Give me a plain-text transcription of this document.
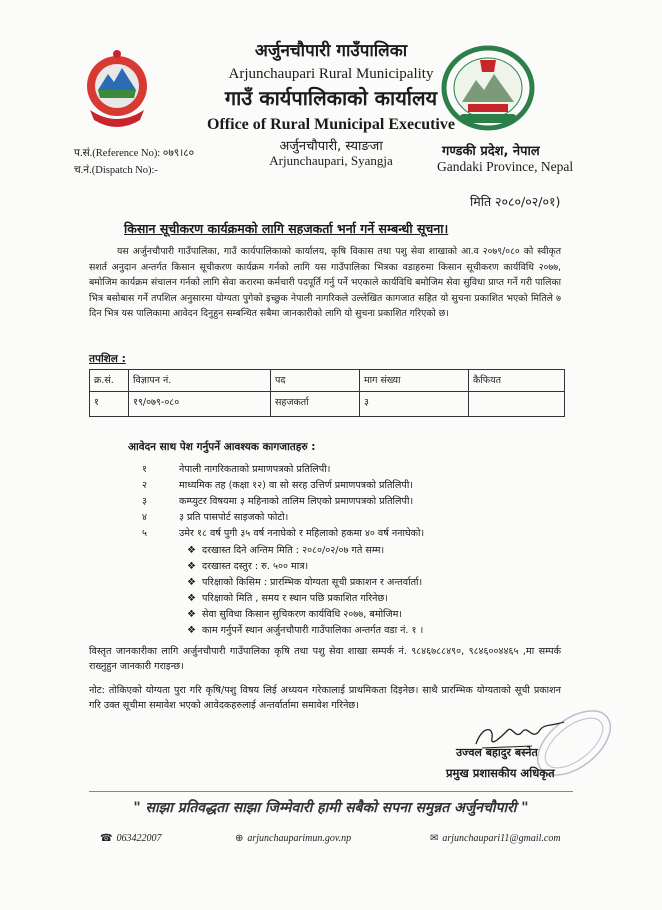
अर्जुनचौपारी गाउँपालिका
Arjunchaupari Rural Municipality
गाउँ कार्यपालिकाको कार्यालय
Office of Rural Municipal Executive
अर्जुनचौपारी, स्याङजा
Arjunchaupari, Syangja
प.सं.(Reference No): ०७९।८०
च.नं.(Dispatch No):-
गण्डकी प्रदेश, नेपाल
Gandaki Province, Nepal
मिति २०८०/०२/०१)
किसान सूचीकरण कार्यक्रमको लागि सहजकर्ता भर्ना गर्ने सम्बन्धी सूचना।
यस अर्जुनचौपारी गाउँपालिका, गाउँ कार्यपालिकाको कार्यालय, कृषि विकास तथा पशु सेवा शाखाको आ.व २०७९/०८० को स्वीकृत सशर्त अनुदान अन्तर्गत किसान सूचीकरण कार्यक्रम गर्नको लागि यस गाउँपालिका भित्रका वडाहरुमा किसान सूचीकरण कार्यविधि २०७७, बमोजिम कार्यक्रम संचालन गर्नको लागि सेवा करारमा कर्मचारी पदपूर्ति गर्नु पर्ने भएकाले कार्यविधि बमोजिम सेवा सुविधा प्राप्त गर्ने गरी पालिका भित्र बसोबास गर्ने तपशिल अनुसारमा योग्यता पुगेको इच्छुक नेपाली नागरिकले उल्लेखित कागजात सहित यो सुचना प्रकाशित भएको मितिले ७ दिन भित्र यस पालिकामा आवेदन दिनुहुन सम्बन्धित सबैमा जानकारीको लागि यो सुचना प्रकाशित गरिएको छ।
तपशिल :
क्र.सं.	विज्ञापन नं.	पद	माग संख्या	कैफियत
१	१९/०७९-०८०	सहजकर्ता	३	
आवेदन साथ पेश गर्नुपर्ने आवश्यक कागजातहरु :
१	नेपाली नागरिकताको प्रमाणपत्रको प्रतिलिपी।
२	माध्यमिक तह (कक्षा १२) वा सो सरह उत्तिर्ण प्रमाणपत्रको प्रतिलिपी।
३	कम्प्युटर विषयमा ३ महिनाको तालिम लिएको प्रमाणपत्रको प्रतिलिपी।
४	३ प्रति पासपोर्ट साइजको फोटो।
५	उमेर १८ वर्ष पुगी ३५ वर्ष ननाघेको र महिलाको हकमा ४० वर्ष ननाघेको।
❖ दरखास्त दिने अन्तिम मिति : २०८०/०२/०७ गते सम्म।
❖ दरखास्त दस्तुर : रु. ५०० मात्र।
❖ परिक्षाको किसिम : प्रारम्भिक योग्यता सूची प्रकाशन र अन्तर्वार्ता।
❖ परिक्षाको मिति , समय र स्थान पछि प्रकाशित गरिनेछ।
❖ सेवा सुविधा किसान सुचिकरण कार्यविधि २०७७, बमोजिम।
❖ काम गर्नुपर्ने स्थान अर्जुनचौपारी गाउँपालिका अन्तर्गत वडा नं. १ ।
विस्तृत जानकारीका लागि अर्जुनचौपारी गाउँपालिका कृषि तथा पशु सेवा शाखा सम्पर्क नं. ९८४६७८८४९०, ९८४६००४४६५ ,मा सम्पर्क राख्नुहुन जानकारी गराइन्छ।
नोट: तोकिएको योग्यता पुरा गरि कृषि/पशु विषय लिई अध्ययन गरेकालाई प्राथमिकता दिइनेछ। साथै प्रारम्भिक योग्यताको सूची प्रकाशन गरि उक्त सूचीमा समावेश भएको आवेदकहरुलाई अन्तर्वार्तामा समावेश गरिनेछ।
उज्वल बहादुर बस्नेत
प्रमुख प्रशासकीय अधिकृत
" साझा प्रतिवद्धता साझा जिम्मेवारी हामी सबैको सपना समुन्नत अर्जुनचौपारी "
☎ 063422007	⊕ arjunchauparimun.gov.np	✉ arjunchaupari11@gmail.com
